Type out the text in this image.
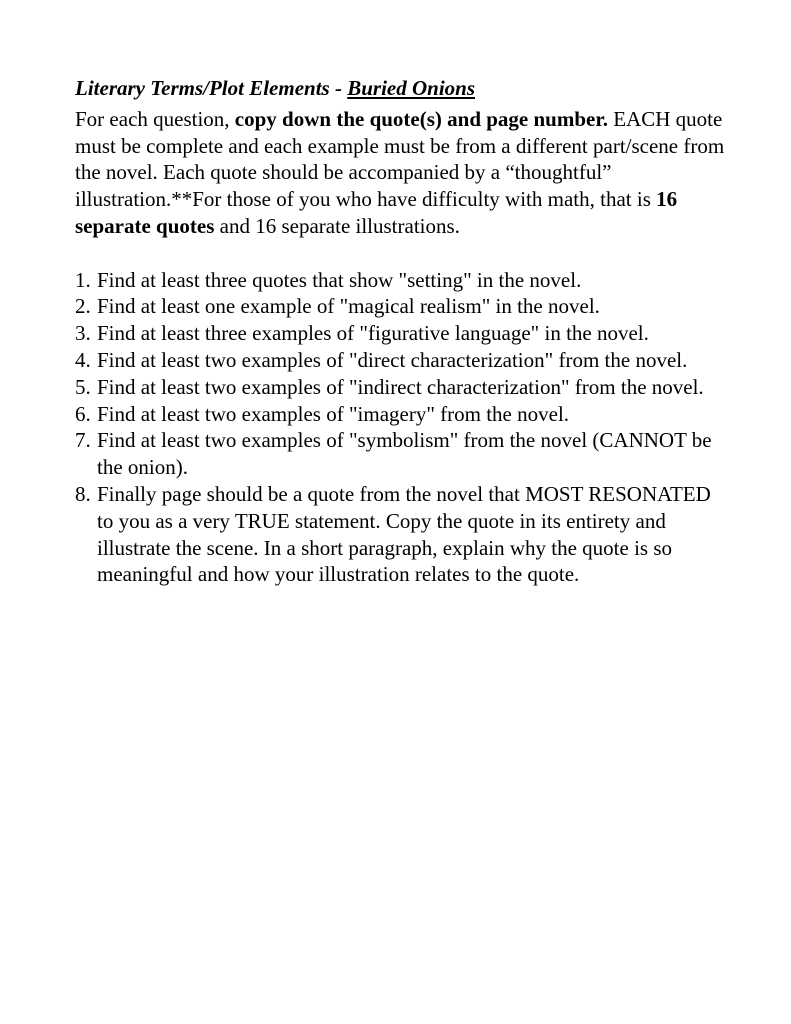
Literary Terms/Plot Elements - Buried Onions

For each question, copy down the quote(s) and page number. EACH quote must be complete and each example must be from a different part/scene from the novel. Each quote should be accompanied by a “thoughtful” illustration.**For those of you who have difficulty with math, that is 16 separate quotes and 16 separate illustrations.

1. Find at least three quotes that show "setting" in the novel.
2. Find at least one example of "magical realism" in the novel.
3. Find at least three examples of "figurative language" in the novel.
4. Find at least two examples of "direct characterization" from the novel.
5. Find at least two examples of "indirect characterization" from the novel.
6. Find at least two examples of "imagery" from the novel.
7. Find at least two examples of "symbolism" from the novel (CANNOT be the onion).
8. Finally page should be a quote from the novel that MOST RESONATED to you as a very TRUE statement. Copy the quote in its entirety and illustrate the scene. In a short paragraph, explain why the quote is so meaningful and how your illustration relates to the quote.
